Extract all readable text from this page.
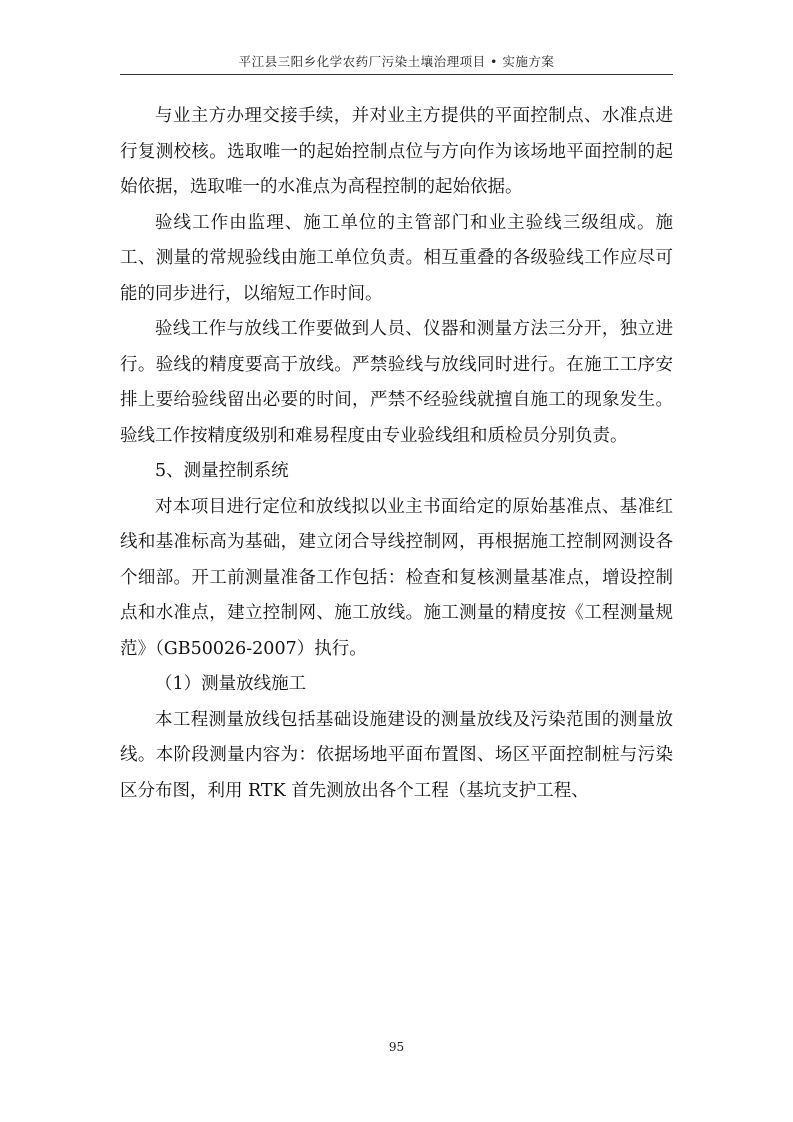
平江县三阳乡化学农药厂污染土壤治理项目 • 实施方案

与业主方办理交接手续，并对业主方提供的平面控制点、水准点进行复测校核。选取唯一的起始控制点位与方向作为该场地平面控制的起始依据，选取唯一的水准点为高程控制的起始依据。

验线工作由监理、施工单位的主管部门和业主验线三级组成。施工、测量的常规验线由施工单位负责。相互重叠的各级验线工作应尽可能的同步进行，以缩短工作时间。

验线工作与放线工作要做到人员、仪器和测量方法三分开，独立进行。验线的精度要高于放线。严禁验线与放线同时进行。在施工工序安排上要给验线留出必要的时间，严禁不经验线就擅自施工的现象发生。验线工作按精度级别和难易程度由专业验线组和质检员分别负责。

5、测量控制系统

对本项目进行定位和放线拟以业主书面给定的原始基准点、基准红线和基准标高为基础，建立闭合导线控制网，再根据施工控制网测设各个细部。开工前测量准备工作包括：检查和复核测量基准点，增设控制点和水准点，建立控制网、施工放线。施工测量的精度按《工程测量规范》（GB50026-2007）执行。

（1）测量放线施工

本工程测量放线包括基础设施建设的测量放线及污染范围的测量放线。本阶段测量内容为：依据场地平面布置图、场区平面控制桩与污染区分布图，利用 RTK 首先测放出各个工程（基坑支护工程、

95
